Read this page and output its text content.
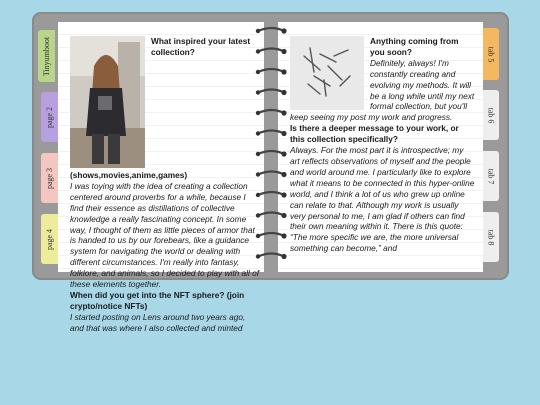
Tinyumboot
page 2
page 3
page 4
tab 5
tab 6
tab 7
tab 8
What inspired your latest collection? (shows,movies,anime,games)
I was toying with the idea of creating a collection centered around proverbs for a while, because I find their essence as distillations of collective knowledge a really fascinating concept. In some way, I thought of them as little pieces of armor that is handed to us by our forebears, like a guidance system for navigating the world or dealing with different circumstances. I'm really into fantasy, folklore, and animals, so I decided to play with all of these elements together.
When did you get into the NFT sphere? (join crypto/notice NFTs)
I started posting on Lens around two years ago, and that was where I also collected and minted
Anything coming from you soon?
Definitely, always! I'm constantly creating and evolving my methods. It will be a long while until my next formal collection, but you'll keep seeing my post my work and progress.
Is there a deeper message to your work, or this collection specifically?
Always. For the most part it is introspective; my art reflects observations of myself and the people and world around me. I particularly like to explore what it means to be connected in this hyper-online world, and I think a lot of us who grew up online can relate to that. Although my work is usually very personal to me, I am glad if others can find their own meaning within it. There is this quote: “The more specific we are, the more universal something can become,” and
